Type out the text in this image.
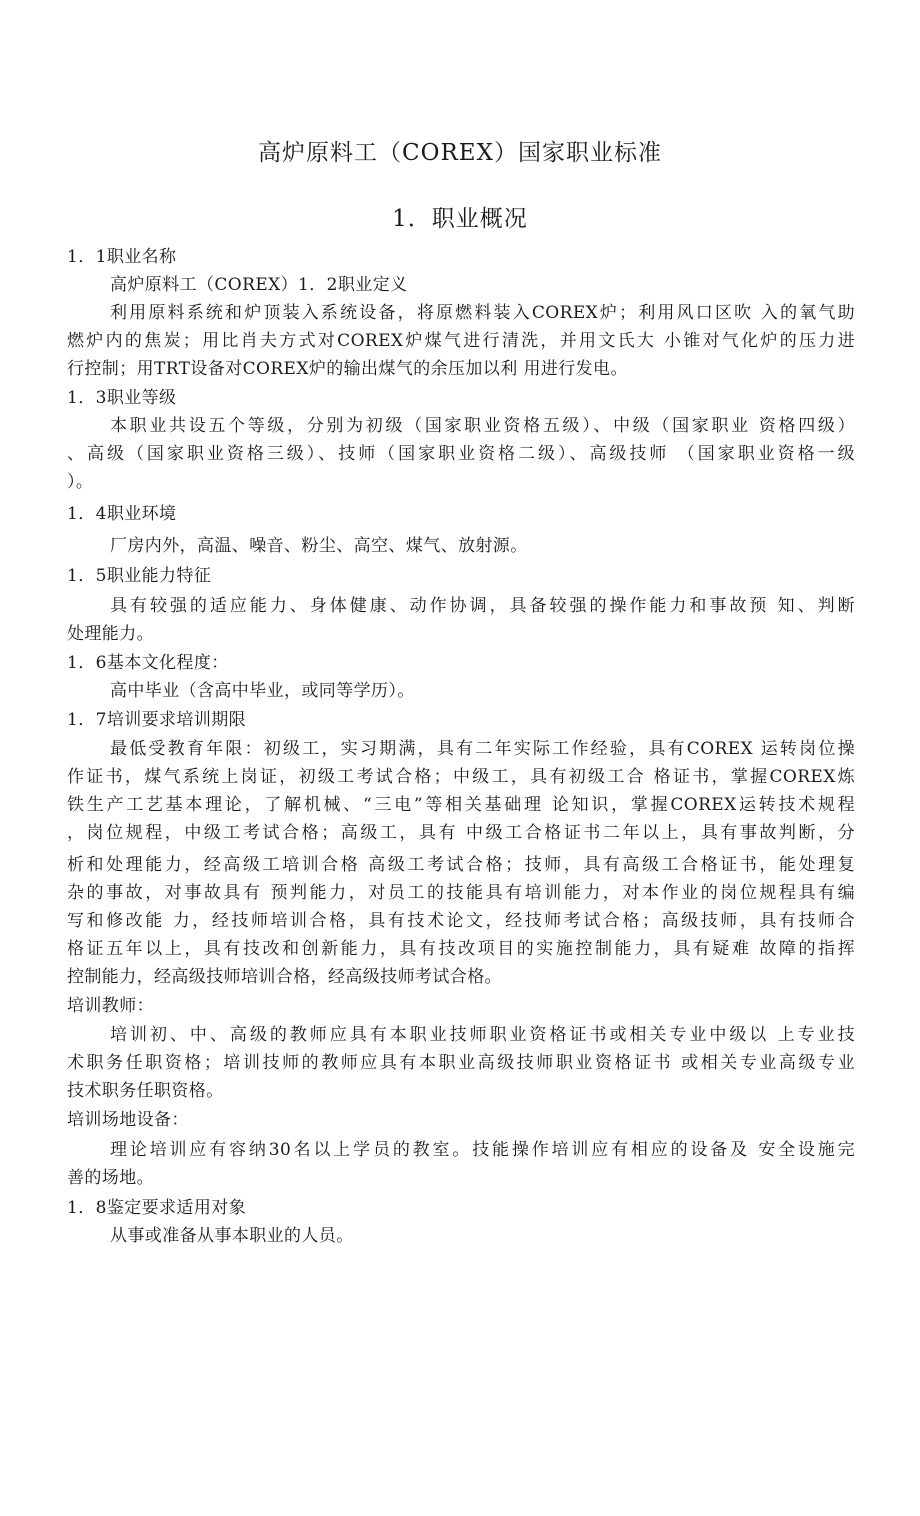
高炉原料工（COREX）国家职业标准
1．职业概况
1．1职业名称
高炉原料工（COREX）1．2职业定义
利用原料系统和炉顶装入系统设备，将原燃料装入COREX炉；利用风口区吹 入的氧气助
燃炉内的焦炭；用比肖夫方式对COREX炉煤气进行清洗，并用文氏大 小锥对气化炉的压力进
行控制；用TRT设备对COREX炉的输出煤气的余压加以利 用进行发电。
1．3职业等级
本职业共设五个等级，分别为初级（国家职业资格五级）、中级（国家职业 资格四级）
、高级（国家职业资格三级）、技师（国家职业资格二级）、高级技师 （国家职业资格一级
）。
1．4职业环境
厂房内外，高温、噪音、粉尘、高空、煤气、放射源。
1．5职业能力特征
具有较强的适应能力、身体健康、动作协调，具备较强的操作能力和事故预 知、判断
处理能力。
1．6基本文化程度：
高中毕业（含高中毕业，或同等学历）。
1．7培训要求培训期限
最低受教育年限：初级工，实习期满，具有二年实际工作经验，具有COREX 运转岗位操
作证书，煤气系统上岗证，初级工考试合格；中级工，具有初级工合 格证书，掌握COREX炼
铁生产工艺基本理论，了解机械、“三电”等相关基础理 论知识，掌握COREX运转技术规程
，岗位规程，中级工考试合格；高级工，具有 中级工合格证书二年以上，具有事故判断，分
析和处理能力，经高级工培训合格 高级工考试合格；技师，具有高级工合格证书，能处理复
杂的事故，对事故具有 预判能力，对员工的技能具有培训能力，对本作业的岗位规程具有编
写和修改能 力，经技师培训合格，具有技术论文，经技师考试合格；高级技师，具有技师合
格证五年以上，具有技改和创新能力，具有技改项目的实施控制能力，具有疑难 故障的指挥
控制能力，经高级技师培训合格，经高级技师考试合格。
培训教师：
培训初、中、高级的教师应具有本职业技师职业资格证书或相关专业中级以 上专业技
术职务任职资格；培训技师的教师应具有本职业高级技师职业资格证书 或相关专业高级专业
技术职务任职资格。
培训场地设备：
理论培训应有容纳30名以上学员的教室。技能操作培训应有相应的设备及 安全设施完
善的场地。
1．8鉴定要求适用对象
从事或准备从事本职业的人员。
